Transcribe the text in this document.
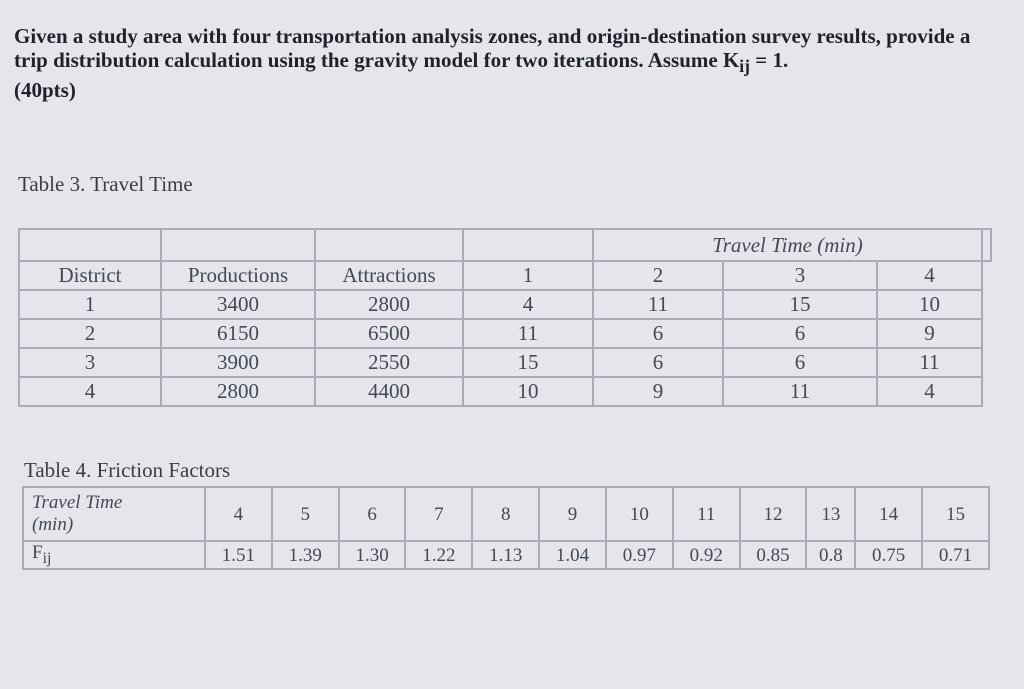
Given a study area with four transportation analysis zones, and origin-destination survey results, provide a trip distribution calculation using the gravity model for two iterations. Assume $K_{ij} = 1$.
(40pts)

Table 3. Travel Time

				Travel Time (min)			
District	Productions	Attractions	1	2	3	4	
1	3400	2800	4	11	15	10	
2	6150	6500	11	6	6	9	
3	3900	2550	15	6	6	11	
4	2800	4400	10	9	11	4	

Table 4. Friction Factors

Travel Time
(min)	4	5	6	7	8	9	10	11	12	13	14	15
$F_{ij}$	1.51	1.39	1.30	1.22	1.13	1.04	0.97	0.92	0.85	0.8	0.75	0.71
